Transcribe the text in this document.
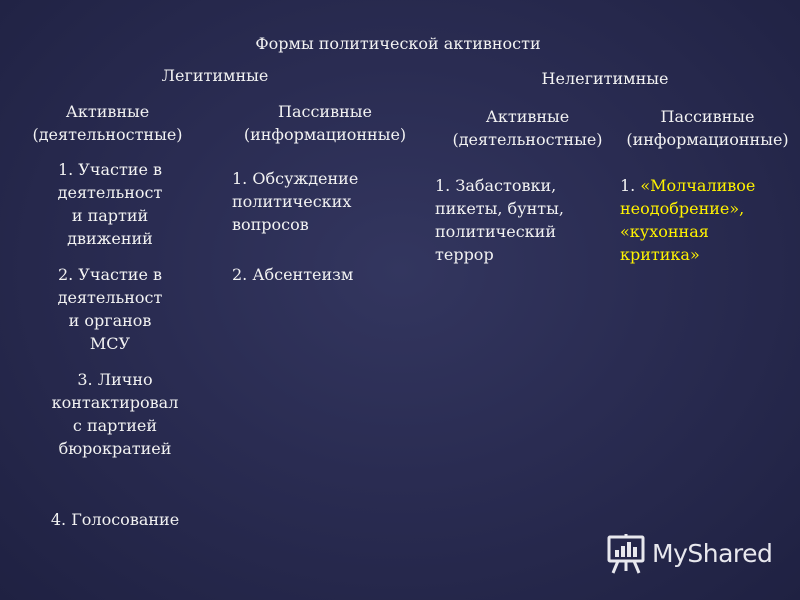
Формы политической активности
Легитимные	Нелегитимные
Активные
(деятельностные)
Пассивные
(информационные)
Активные
(деятельностные)
Пассивные
(информационные)
1. Участие в
деятельност
и партий
движений
2. Участие в
деятельност
и органов
МСУ
3. Лично
контактировал
с партией
бюрократией
4. Голосование
1. Обсуждение
политических
вопросов
2. Абсентеизм
1. Забастовки,
пикеты, бунты,
политический
террор
1. «Молчаливое
неодобрение»,
«кухонная
критика»
MyShared
